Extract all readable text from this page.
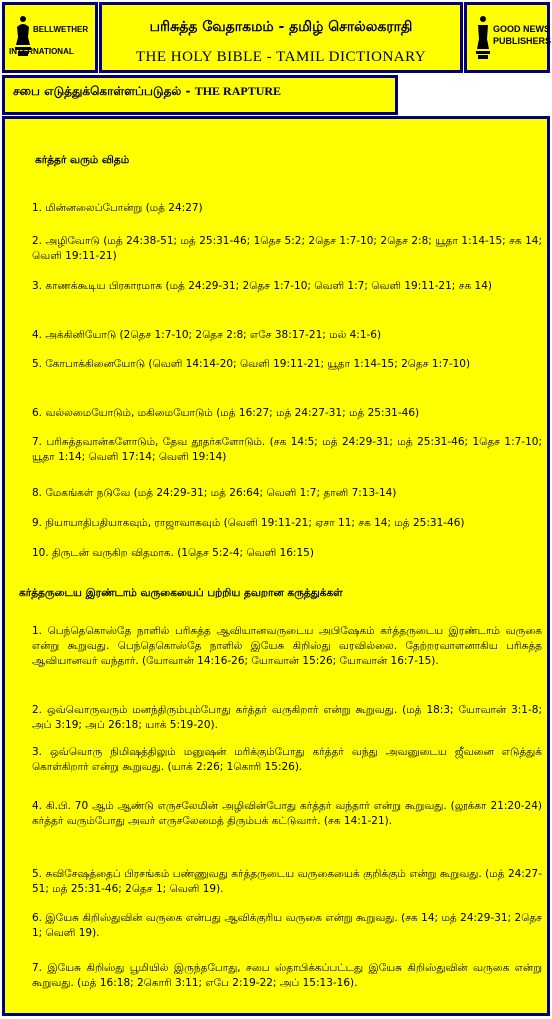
BELLWETHER
INTERNATIONAL
பரிசுத்த வேதாகமம் - தமிழ் சொல்லகராதி
THE HOLY BIBLE - TAMIL DICTIONARY
GOOD NEWS
PUBLISHERS
சபை எடுத்துக்கொள்ளப்படுதல் - THE RAPTURE
கர்த்தர் வரும் விதம்
1. மின்னலைப்போன்று (மத் 24:27)
2. அழிவோடு (மத் 24:38-51; மத் 25:31-46; 1தெச 5:2; 2தெச 1:7-10; 2தெச 2:8; யூதா 1:14-15; சக 14; வெளி 19:11-21)
3. காணக்கூடிய பிரகாரமாக (மத் 24:29-31; 2தெச 1:7-10; வெளி 1:7; வெளி 19:11-21; சக 14)
4. அக்கினியோடு (2தெச 1:7-10; 2தெச 2:8; எசே 38:17-21; மல் 4:1-6)
5. கோபாக்கினையோடு (வெளி 14:14-20; வெளி 19:11-21; யூதா 1:14-15; 2தெச 1:7-10)
6. வல்லமையோடும், மகிமையோடும் (மத் 16:27; மத் 24:27-31; மத் 25:31-46)
7. பரிசுத்தவான்களோடும், தேவ தூதர்களோடும். (சக 14:5; மத் 24:29-31; மத் 25:31-46; 1தெச 1:7-10; யூதா 1:14; வெளி 17:14; வெளி 19:14)
8. மேகங்கள் நடுவே (மத் 24:29-31; மத் 26:64; வெளி 1:7; தானி 7:13-14)
9. நியாயாதிபதியாகவும், ராஜாவாகவும் (வெளி 19:11-21; ஏசா 11; சக 14; மத் 25:31-46)
10. திருடன் வருகிற விதமாக. (1தெச 5:2-4; வெளி 16:15)
கர்த்தருடைய இரண்டாம் வருகையைப் பற்றிய தவறான கருத்துக்கள்
1. பெந்தெகொஸ்தே நாளில் பரிசுத்த ஆவியானவருடைய அபிஷேகம் கர்த்தருடைய இரண்டாம் வருகை என்று கூறுவது. பெந்தெகொஸ்தே நாளில் இயேசு கிறிஸ்து வரவில்லை. தேற்றரவாளனாகிய பரிசுத்த ஆவியானவர் வந்தார். (யோவான் 14:16-26; யோவான் 15:26; யோவான் 16:7-15).
2. ஒவ்வொருவரும் மனந்திரும்பும்போது கர்த்தர் வருகிறார் என்று கூறுவது. (மத் 18:3; யோவான் 3:1-8; அப் 3:19; அப் 26:18; யாக் 5:19-20).
3. ஒவ்வொரு நிமிஷத்திலும் மனுஷன் மரிக்கும்போது கர்த்தர் வந்து அவனுடைய ஜீவனை எடுத்துக் கொள்கிறார் என்று கூறுவது. (யாக் 2:26; 1கொரி 15:26).
4. கி.பி. 70 ஆம் ஆண்டு எருசலேமின் அழிவின்போது கர்த்தர் வந்தார் என்று கூறுவது. (லூக்கா 21:20-24) கர்த்தர் வரும்போது அவர் எருசலேமைத் திரும்பக் கட்டுவார். (சக 14:1-21).
5. சுவிசேஷத்தைப் பிரசங்கம் பண்ணுவது கர்த்தருடைய வருகையைக் குறிக்கும் என்று கூறுவது. (மத் 24:27-51; மத் 25:31-46; 2தெச 1; வெளி 19).
6. இயேசு கிறிஸ்துவின் வருகை என்பது ஆவிக்குரிய வருகை என்று கூறுவது. (சக 14; மத் 24:29-31; 2தெச 1; வெளி 19).
7. இயேசு கிறிஸ்து பூமியில் இருந்தபோது, சபை ஸ்தாபிக்கப்பட்டது இயேசு கிறிஸ்துவின் வருகை என்று கூறுவது. (மத் 16:18; 2கொரி 3:11; எபே 2:19-22; அப் 15:13-16).
